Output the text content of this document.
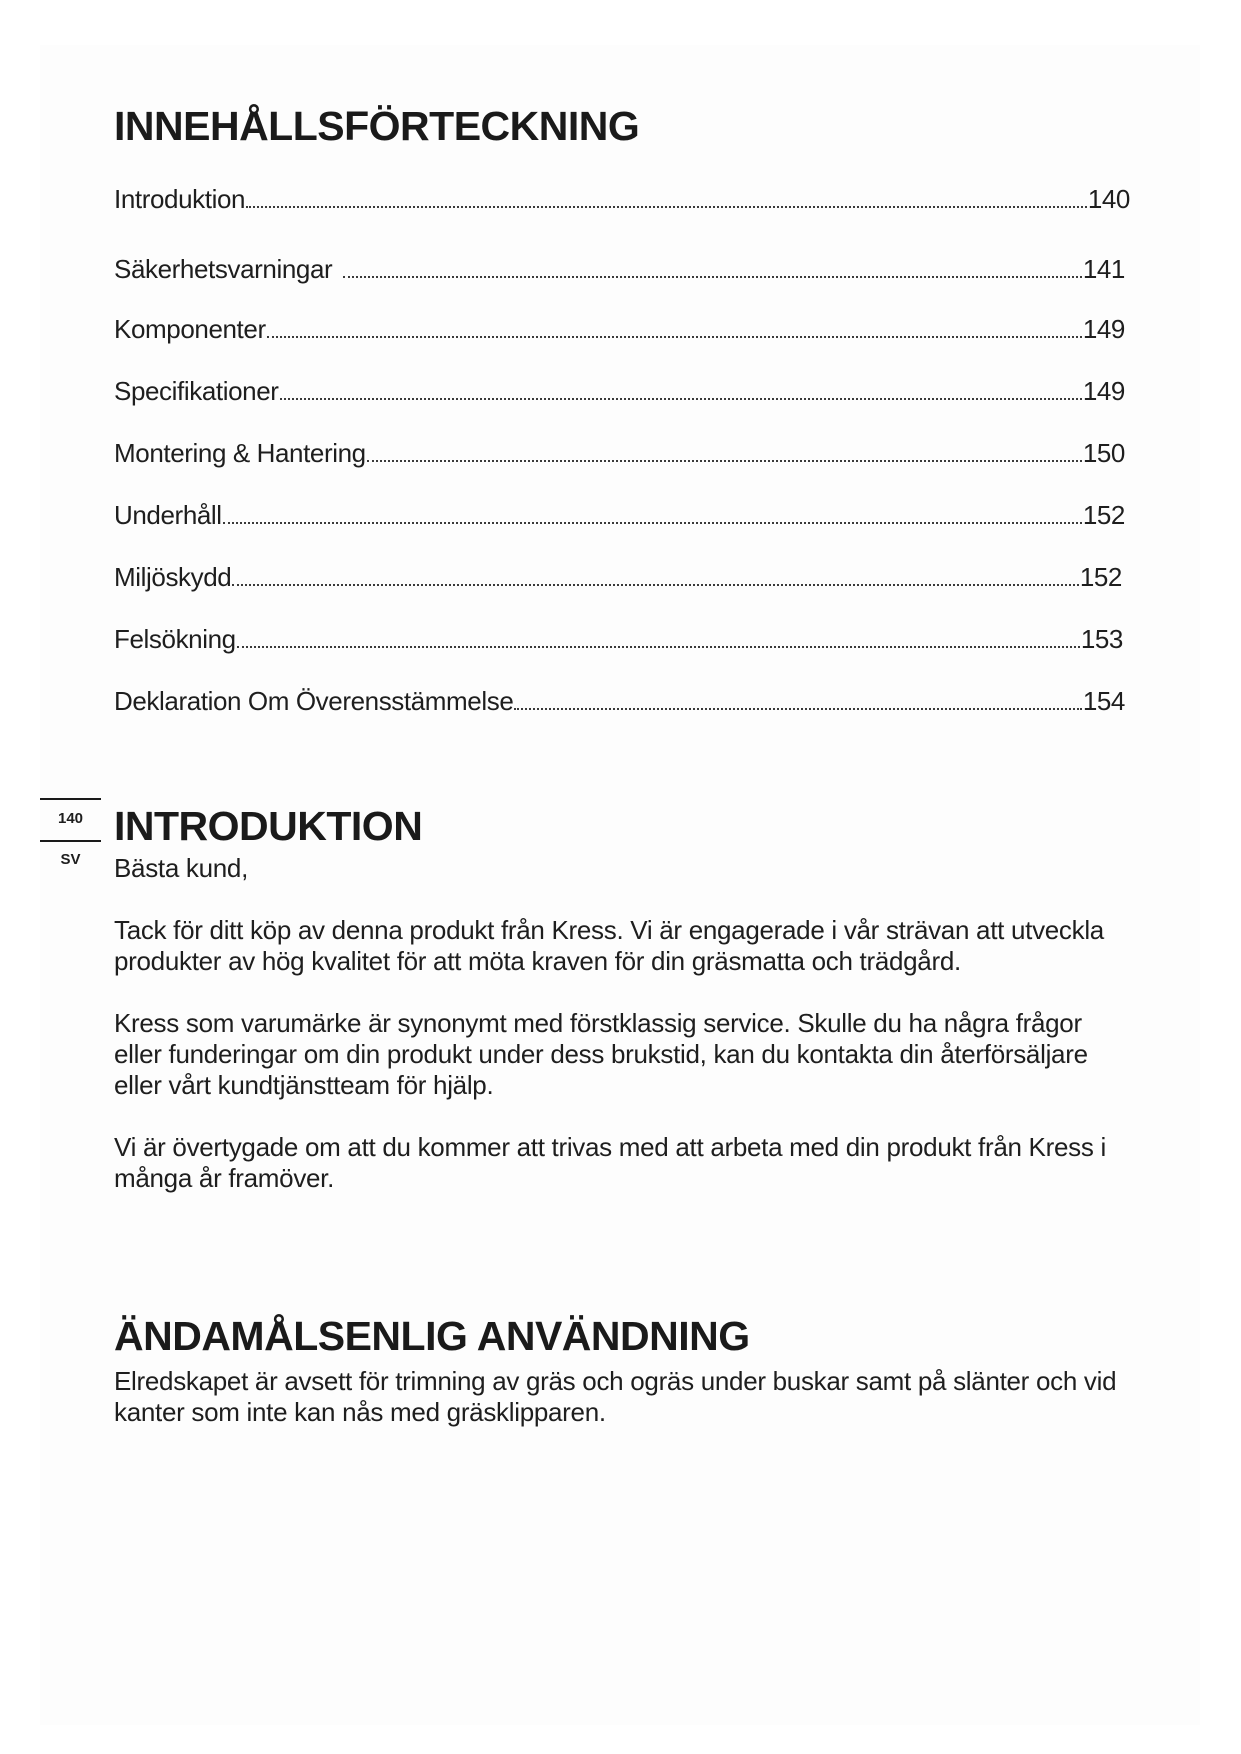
INNEHÅLLSFÖRTECKNING
Introduktion	140
Säkerhetsvarningar	141
Komponenter	149
Specifikationer	149
Montering & Hantering	150
Underhåll	152
Miljöskydd	152
Felsökning	153
Deklaration Om Överensstämmelse	154
INTRODUKTION

Bästa kund,

Tack för ditt köp av denna produkt från Kress. Vi är engagerade i vår strävan att utveckla produkter av hög kvalitet för att möta kraven för din gräsmatta och trädgård.

Kress som varumärke är synonymt med förstklassig service. Skulle du ha några frågor eller funderingar om din produkt under dess brukstid, kan du kontakta din återförsäljare eller vårt kundtjänstteam för hjälp.

Vi är övertygade om att du kommer att trivas med att arbeta med din produkt från Kress i många år framöver.

ÄNDAMÅLSENLIG ANVÄNDNING

Elredskapet är avsett för trimning av gräs och ogräs under buskar samt på slänter och vid kanter som inte kan nås med gräsklipparen.

140
SV
